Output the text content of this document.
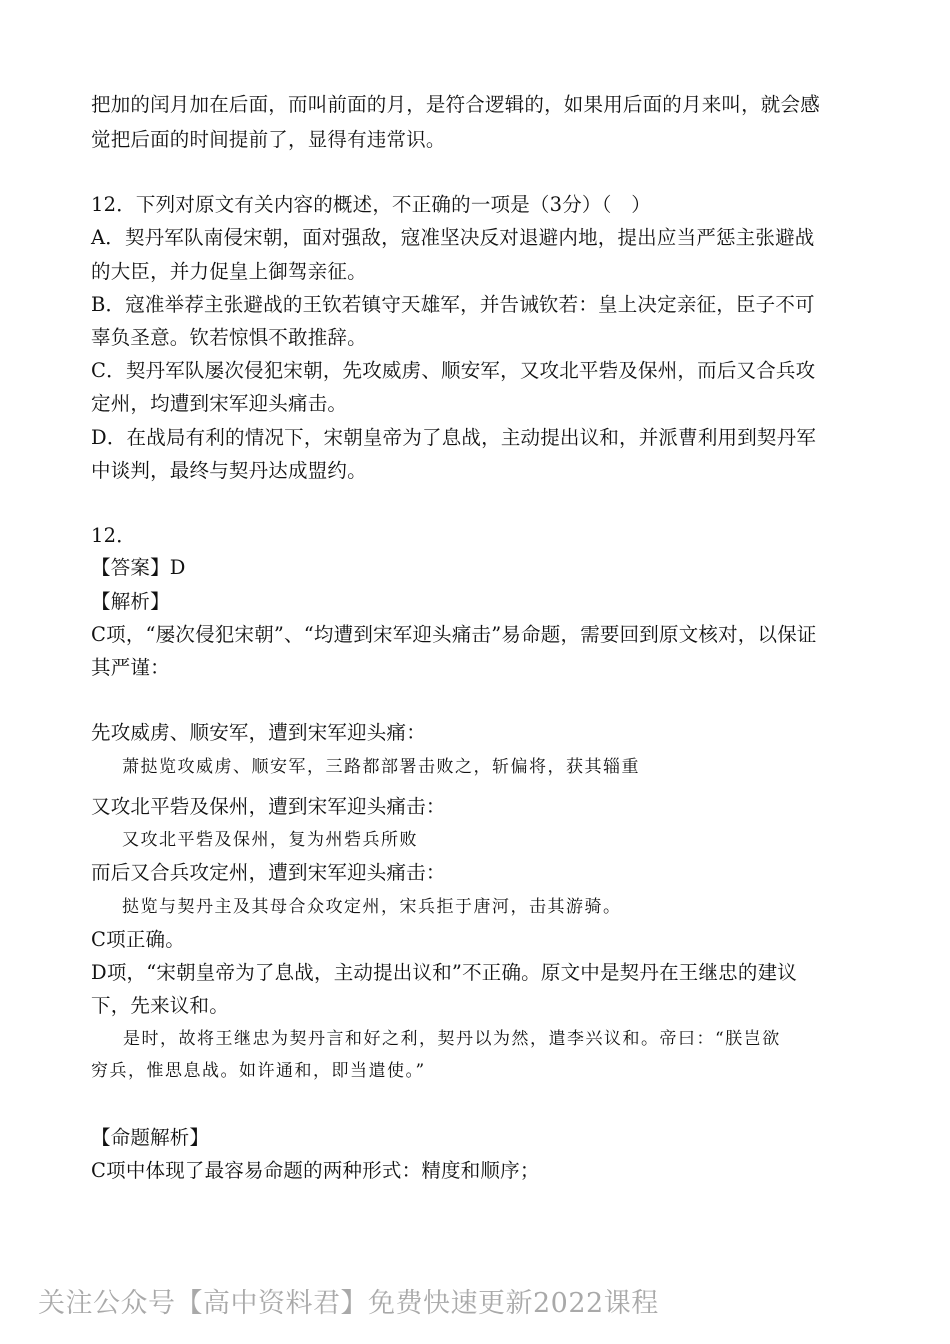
把加的闰月加在后面，而叫前面的月，是符合逻辑的，如果用后面的月来叫，就会感
觉把后面的时间提前了，显得有违常识。
12．下列对原文有关内容的概述，不正确的一项是（3分）（　）
A．契丹军队南侵宋朝，面对强敌，寇准坚决反对退避内地，提出应当严惩主张避战
的大臣，并力促皇上御驾亲征。
B．寇准举荐主张避战的王钦若镇守天雄军，并告诫钦若：皇上决定亲征，臣子不可
辜负圣意。钦若惊惧不敢推辞。
C．契丹军队屡次侵犯宋朝，先攻威虏、顺安军，又攻北平砦及保州，而后又合兵攻
定州，均遭到宋军迎头痛击。
D．在战局有利的情况下，宋朝皇帝为了息战，主动提出议和，并派曹利用到契丹军
中谈判，最终与契丹达成盟约。
12．
【答案】D
【解析】
C项，“屡次侵犯宋朝”、“均遭到宋军迎头痛击”易命题，需要回到原文核对，以保证
其严谨：
先攻威虏、顺安军，遭到宋军迎头痛：
萧挞览攻威虏、顺安军，三路都部署击败之，斩偏将，获其辎重
又攻北平砦及保州，遭到宋军迎头痛击：
又攻北平砦及保州，复为州砦兵所败
而后又合兵攻定州，遭到宋军迎头痛击：
挞览与契丹主及其母合众攻定州，宋兵拒于唐河，击其游骑。
C项正确。
D项，“宋朝皇帝为了息战，主动提出议和”不正确。原文中是契丹在王继忠的建议
下，先来议和。
是时，故将王继忠为契丹言和好之利，契丹以为然，遣李兴议和。帝曰：“朕岂欲
穷兵，惟思息战。如许通和，即当遣使。”
【命题解析】
C项中体现了最容易命题的两种形式：精度和顺序；
关注公众号【高中资料君】免费快速更新2022课程
